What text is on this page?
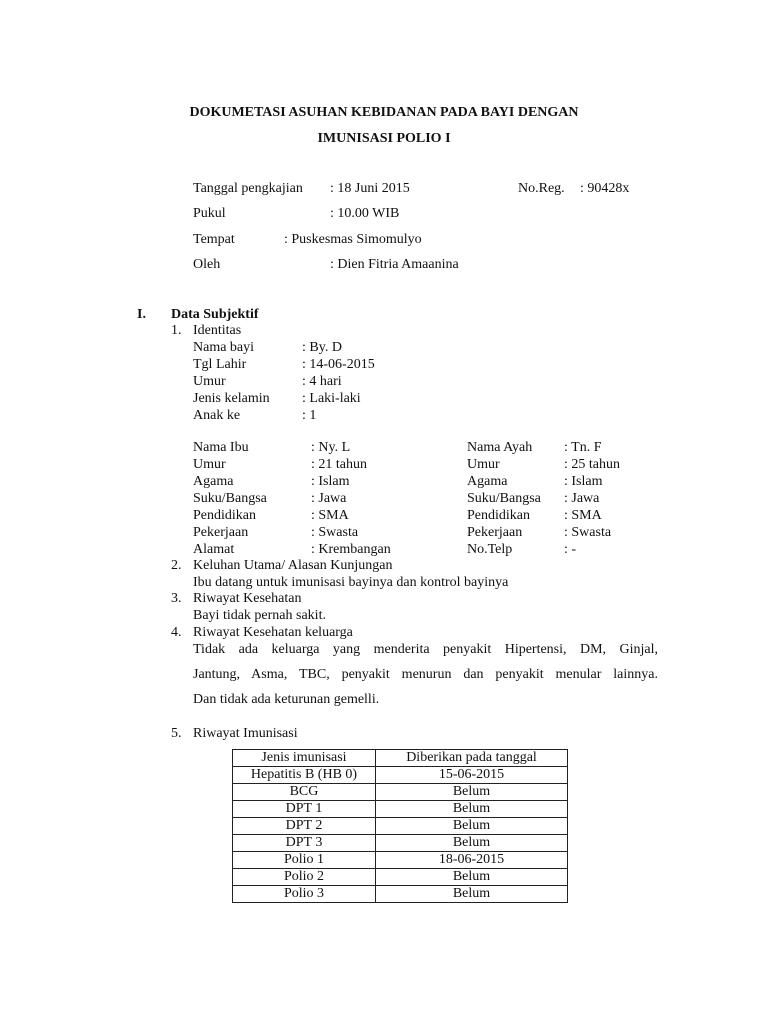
DOKUMETASI ASUHAN KEBIDANAN PADA BAYI DENGAN
IMUNISASI POLIO I
Tanggal pengkajian : 18 Juni 2015	No.Reg. : 90428x
Pukul	: 10.00 WIB
Tempat	: Puskesmas Simomulyo
Oleh	: Dien Fitria Amaanina
I. Data Subjektif
1. Identitas
Nama bayi	: By. D
Tgl Lahir	: 14-06-2015
Umur	: 4 hari
Jenis kelamin : Laki-laki
Anak ke	: 1
Nama Ibu	: Ny. L	Nama Ayah : Tn. F
Umur	: 21 tahun	Umur	: 25 tahun
Agama	: Islam	Agama	: Islam
Suku/Bangsa	: Jawa	Suku/Bangsa : Jawa
Pendidikan	: SMA	Pendidikan : SMA
Pekerjaan	: Swasta	Pekerjaan	: Swasta
Alamat	: Krembangan	No.Telp	: -
2. Keluhan Utama/ Alasan Kunjungan
Ibu datang untuk imunisasi bayinya dan kontrol bayinya
3. Riwayat Kesehatan
Bayi tidak pernah sakit.
4. Riwayat Kesehatan keluarga
Tidak ada keluarga yang menderita penyakit Hipertensi, DM, Ginjal,
Jantung, Asma, TBC, penyakit menurun dan penyakit menular lainnya.
Dan tidak ada keturunan gemelli.
5. Riwayat Imunisasi
Jenis imunisasi	Diberikan pada tanggal
Hepatitis B (HB 0)	15-06-2015
BCG	Belum
DPT 1	Belum
DPT 2	Belum
DPT 3	Belum
Polio 1	18-06-2015
Polio 2	Belum
Polio 3	Belum
